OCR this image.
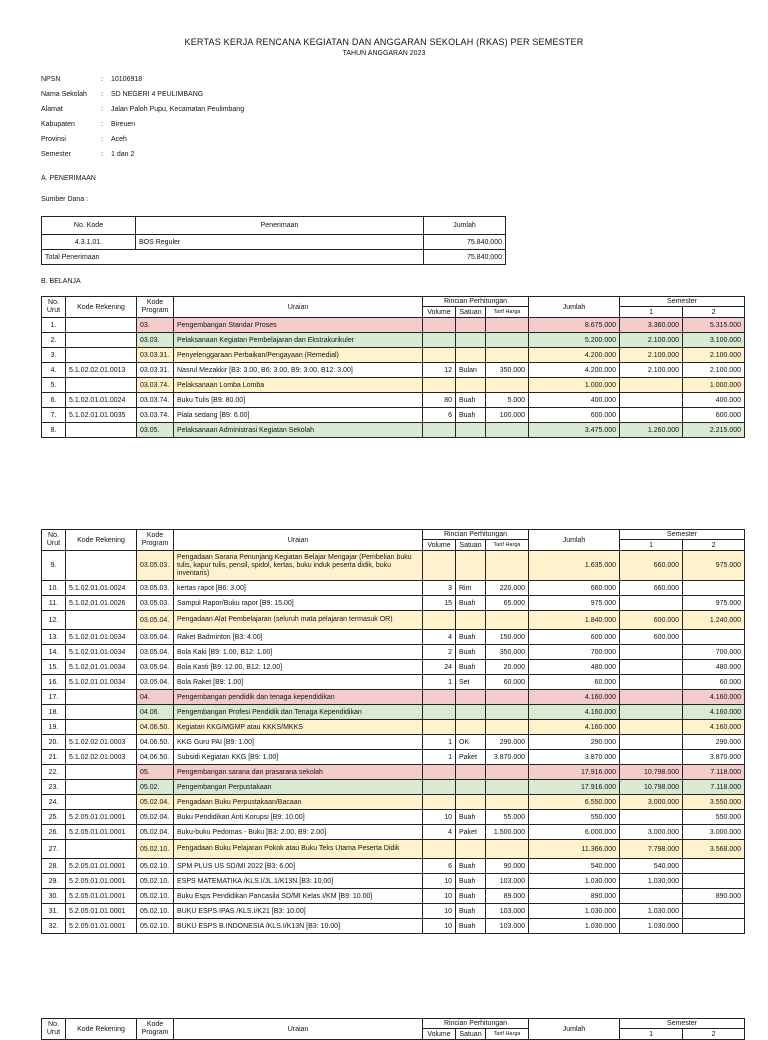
KERTAS KERJA RENCANA KEGIATAN DAN ANGGARAN SEKOLAH (RKAS) PER SEMESTER
TAHUN ANGGARAN 2023
NPSN	: 10106918
Nama Sekolah : SD NEGERI 4 PEULIMBANG
Alamat	: Jalan Paloh Pupu, Kecamatan Peulimbang
Kabupaten	: Bireuen
Provinsi	: Aceh
Semester	: 1 dan 2
A. PENERIMAAN
Sumber Dana :
No. Kode	Penerimaan	Jumlah
4.3.1.01.	BOS Reguler	75.840.000
Total Penerimaan		75.840.000
B. BELANJA
No. Urut	Kode Rekening	Kode Program	Uraian	Rincian Perhitungan			Jumlah	Semester	
				Volume	Satuan	Tarif Harga		1	2
1.		03.	Pengembangan Standar Proses				8.675.000	3.360.000	5.315.000
2.		03.03.	Pelaksanaan Kegiatan Pembelajaran dan Ekstrakurikuler				5.200.000	2.100.000	3.100.000
3.		03.03.31.	Penyelenggaraan Perbaikan/Pengayaan (Remedial)				4.200.000	2.100.000	2.100.000
4.	5.1.02.02.01.0013	03.03.31.	Nasrul Mezakkir [B3: 3.00, B6: 3.00, B9: 3.00, B12: 3.00]	12	Bulan	350.000	4.200.000	2.100.000	2.100.000
5.		03.03.74.	Pelaksanaan Lomba Lomba				1.000.000		1.000.000
6.	5.1.02.01.01.0024	03.03.74.	Buku Tulis [B9: 80.00]	80	Buah	5.000	400.000		400.000
7.	5.1.02.01.01.0035	03.03.74.	Piala sedang [B9: 6.00]	6	Buah	100.000	600.000		600.000
8.		03.05.	Pelaksanaan Administrasi Kegiatan Sekolah				3.475.000	1.260.000	2.215.000
No. Urut	Kode Rekening	Kode Program	Uraian	Rincian Perhitungan			Jumlah	Semester	
				Volume	Satuan	Tarif Harga		1	2
9.		03.05.03.	Pengadaan Sarana Penunjang Kegiatan Belajar Mengajar (Pembelian buku tulis, kapur tulis, pensil, spidol, kertas, buku induk peserta didik, buku inventaris)				1.635.000	660.000	975.000
10.	5.1.02.01.01.0024	03.05.03.	kertas rapot [B6: 3.00]	3	Rim	220.000	660.000	660.000	
11.	5.1.02.01.01.0026	03.05.03.	Sampul Rapor/Buku rapor [B9: 15.00]	15	Buah	65.000	975.000		975.000
12.		03.05.04.	Pengadaan Alat Pembelajaran (seluruh mata pelajaran termasuk OR)				1.840.000	600.000	1.240.000
13.	5.1.02.01.01.0034	03.05.04.	Raket Badminton [B3: 4.00]	4	Buah	150.000	600.000	600.000	
14.	5.1.02.01.01.0034	03.05.04.	Bola Kaki [B9: 1.00, B12: 1.00]	2	Buah	350.000	700.000		700.000
15.	5.1.02.01.01.0034	03.05.04.	Bola Kasti [B9: 12.00, B12: 12.00]	24	Buah	20.000	480.000		480.000
16.	5.1.02.01.01.0034	03.05.04.	Bola Raket [B9: 1.00]	1	Set	60.000	60.000		60.000
17.		04.	Pengembangan pendidik dan tenaga kependidikan				4.160.000		4.160.000
18.		04.06.	Pengembangan Profesi Pendidik dan Tenaga Kependidikan				4.160.000		4.160.000
19.		04.06.50.	Kegiatan KKG/MGMP atau KKKS/MKKS				4.160.000		4.160.000
20.	5.1.02.02.01.0003	04.06.50.	KKG Guru PAI [B9: 1.00]	1	OK	290.000	290.000		290.000
21.	5.1.02.02.01.0003	04.06.50.	Subsidi Kegiatan KKG [B9: 1.00]	1	Paket	3.870.000	3.870.000		3.870.000
22.		05.	Pengembangan sarana dan prasarana sekolah				17.916.000	10.798.000	7.118.000
23.		05.02.	Pengembangan Perpustakaan				17.916.000	10.798.000	7.118.000
24.		05.02.04.	Pengadaan Buku Perpustakaan/Bacaan				6.550.000	3.000.000	3.550.000
25.	5.2.05.01.01.0001	05.02.04.	Buku Pendidikan Anti Korupsi [B9: 10.00]	10	Buah	55.000	550.000		550.000
26.	5.2.05.01.01.0001	05.02.04.	Buku-buku Pedomas - Buku [B3: 2.00, B9: 2.00]	4	Paket	1.500.000	6.000.000	3.000.000	3.000.000
27.		05.02.10.	Pengadaan Buku Pelajaran Pokok atau Buku Teks Utama Peserta Didik				11.366.000	7.798.000	3.568.000
28.	5.2.05.01.01.0001	05.02.10.	SPM PLUS US SD/MI 2022 [B3: 6.00]	6	Buah	90.000	540.000	540.000	
29.	5.2.05.01.01.0001	05.02.10.	ESPS MATEMATIKA /KLS.I/JL.1/K13N [B3: 10.00]	10	Buah	103.000	1.030.000	1.030.000	
30.	5.2.05.01.01.0001	05.02.10.	Buku Esps Pendidikan Pancasila SD/MI Kelas I/KM [B9: 10.00]	10	Buah	89.000	890.000		890.000
31.	5.2.05.01.01.0001	05.02.10.	BUKU ESPS IPAS /KLS.I/K21 [B3: 10.00]	10	Buah	103.000	1.030.000	1.030.000	
32.	5.2.05.01.01.0001	05.02.10.	BUKU ESPS B.INDONESIA /KLS.I/K13N [B3: 10.00]	10	Buah	103.000	1.030.000	1.030.000	
No. Urut	Kode Rekening	Kode Program	Uraian	Rincian Perhitungan			Jumlah	Semester	
				Volume	Satuan	Tarif Harga		1	2
